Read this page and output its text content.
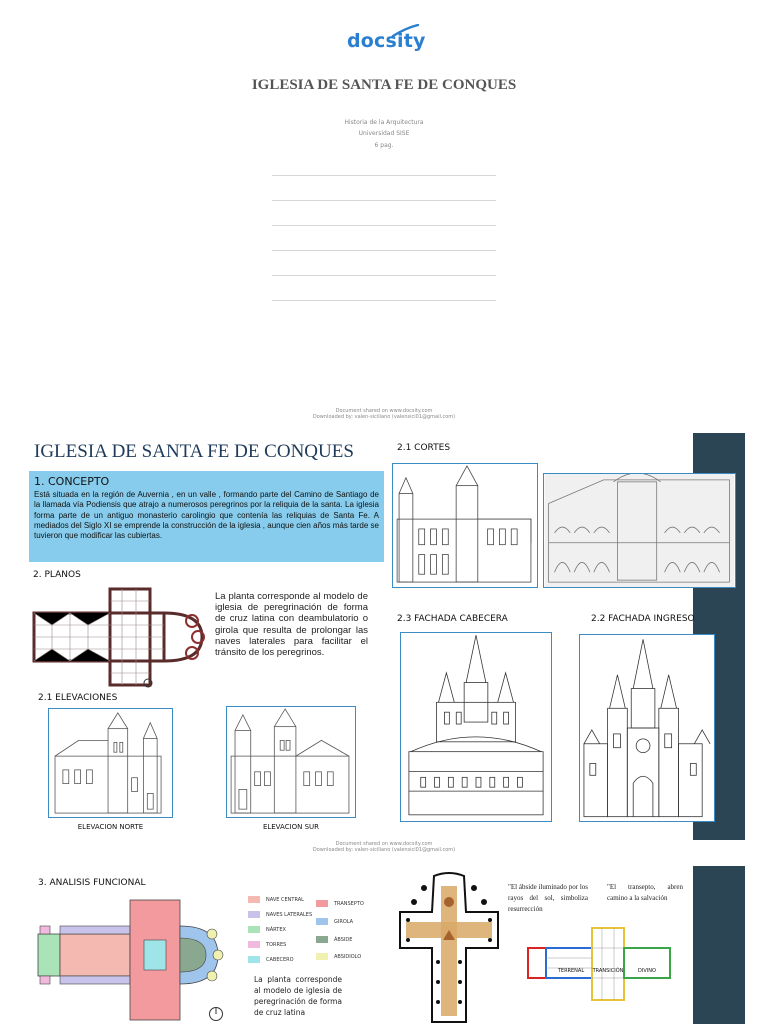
docsity
IGLESIA DE SANTA FE DE CONQUES
Historia de la Arquitectura
Universidad SISE
6 pag.
Document shared on www.docsity.com
Downloaded by: valen-siciliano (valensici01@gmail.com)
IGLESIA DE SANTA FE DE CONQUES
1. CONCEPTO
Está situada en la región de Auvernia , en un valle , formando parte del Camino de Santiago de la llamada vía Podiensis que atrajo a numerosos peregrinos por la reliquia de la santa. La iglesia forma parte de un antiguo monasterio carolingio que contenía las reliquias de Santa Fe. A mediados del Siglo XI se emprende la construcción de la iglesia , aunque cien años más tarde se tuvieron que modificar las cubiertas.
2. PLANOS
La planta corresponde al modelo de iglesia de peregrinación de forma de cruz latina con deambulatorio o girola que resulta de prolongar las naves laterales para facilitar el tránsito de los peregrinos.
2.1 ELEVACIONES
ELEVACION NORTE	ELEVACION SUR
2.1 CORTES
2.3 FACHADA CABECERA	2.2 FACHADA INGRESO
Document shared on www.docsity.com
Downloaded by: valen-siciliano (valensici01@gmail.com)
3. ANALISIS FUNCIONAL
NAVE CENTRAL
NAVES LATERALES
NÁRTEX
TORRES
CABECERO
TRANSEPTO
GIROLA
ÁBSIDE
ABSIDIOLO
La planta corresponde al modelo de iglesia de peregrinación de forma de cruz latina
"El ábside iluminado por los rayos del sol, simboliza resurrección
"El transepto, abren camino a la salvación
TERRENAL	TRANSICIÓN	DIVINO
